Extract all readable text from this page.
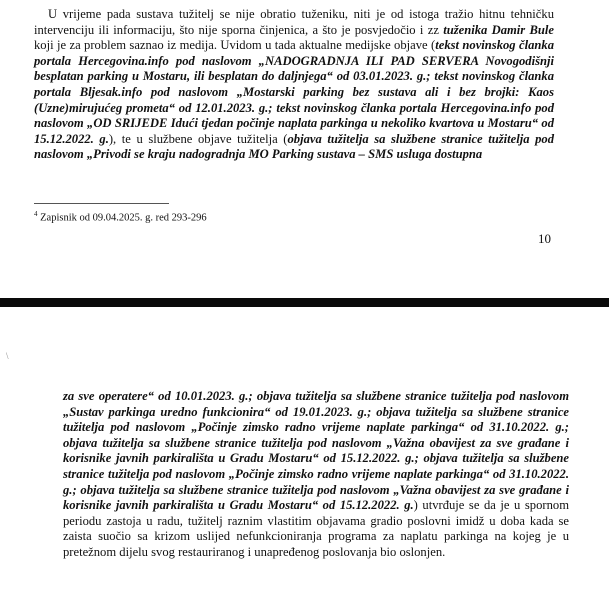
U vrijeme pada sustava tužitelj se nije obratio tuženiku, niti je od istoga tražio hitnu tehničku intervenciju ili informaciju, što nije sporna činjenica, a što je posvjedočio i zz tuženika Damir Bule koji je za problem saznao iz medija. Uvidom u tada aktualne medijske objave (tekst novinskog članka portala Hercegovina.info pod naslovom „NADOGRADNJA ILI PAD SERVERA Novogodišnji besplatan parking u Mostaru, ili besplatan do daljnjega“ od 03.01.2023. g.; tekst novinskog članka portala Bljesak.info pod naslovom „Mostarski parking bez sustava ali i bez brojki: Kaos (Uzne)mirujućeg prometa“ od 12.01.2023. g.; tekst novinskog članka portala Hercegovina.info pod naslovom „OD SRIJEDE Idući tjedan počinje naplata parkinga u nekoliko kvartova u Mostaru“ od 15.12.2022. g.), te u službene objave tužitelja (objava tužitelja sa službene stranice tužitelja pod naslovom „Privodi se kraju nadogradnja MO Parking sustava – SMS usluga dostupna

$^4$ Zapisnik od 09.04.2025. g. red 293-296
10
\

za sve operatere“ od 10.01.2023. g.; objava tužitelja sa službene stranice tužitelja pod naslovom „Sustav parkinga uredno funkcionira“ od 19.01.2023. g.; objava tužitelja sa službene stranice tužitelja pod naslovom „Počinje zimsko radno vrijeme naplate parkinga“ od 31.10.2022. g.; objava tužitelja sa službene stranice tužitelja pod naslovom „Važna obavijest za sve građane i korisnike javnih parkirališta u Gradu Mostaru“ od 15.12.2022. g.; objava tužitelja sa službene stranice tužitelja pod naslovom „Počinje zimsko radno vrijeme naplate parkinga“ od 31.10.2022. g.; objava tužitelja sa službene stranice tužitelja pod naslovom „Važna obavijest za sve građane i korisnike javnih parkirališta u Gradu Mostaru“ od 15.12.2022. g.) utvrđuje se da je u spornom periodu zastoja u radu, tužitelj raznim vlastitim objavama gradio poslovni imidž u doba kada se zaista suočio sa krizom uslijed nefunkcioniranja programa za naplatu parkinga na kojeg je u pretežnom dijelu svog restauriranog i unapređenog poslovanja bio oslonjen.
